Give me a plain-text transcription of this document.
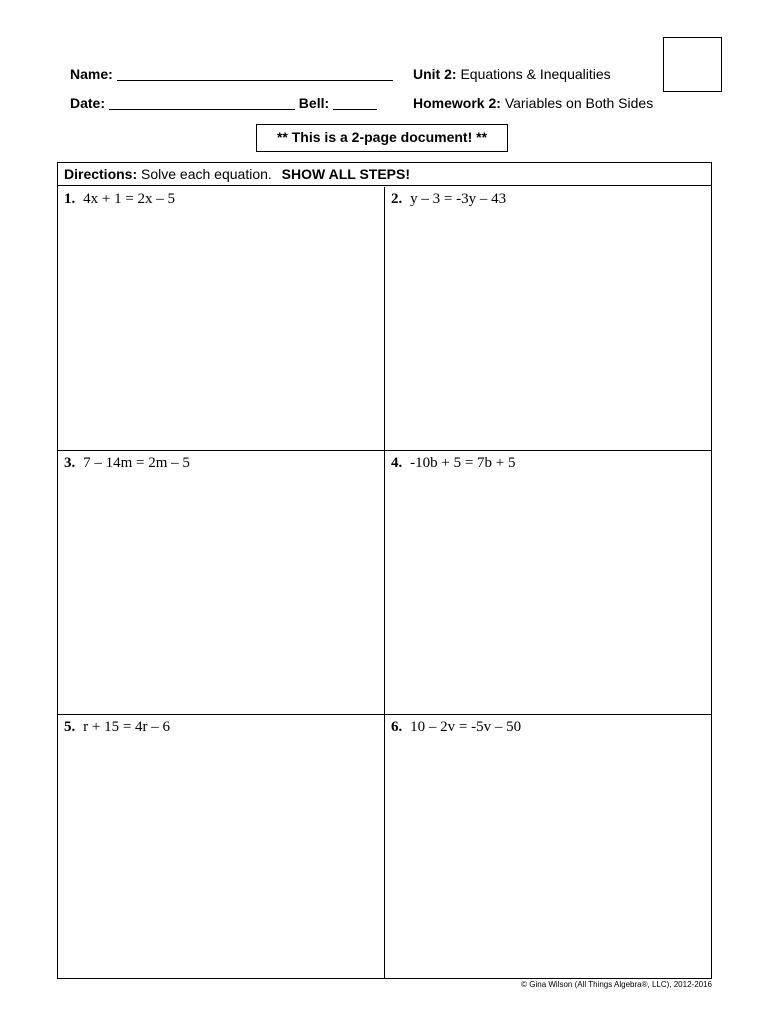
Name:
Date:	Bell:
Unit 2: Equations & Inequalities
Homework 2: Variables on Both Sides
** This is a 2-page document! **
Directions: Solve each equation. SHOW ALL STEPS!
1. 4x + 1 = 2x – 5	2. y – 3 = -3y – 43
3. 7 – 14m = 2m – 5	4. -10b + 5 = 7b + 5
5. r + 15 = 4r – 6	6. 10 – 2v = -5v – 50
© Gina Wilson (All Things Algebra®, LLC), 2012-2016
